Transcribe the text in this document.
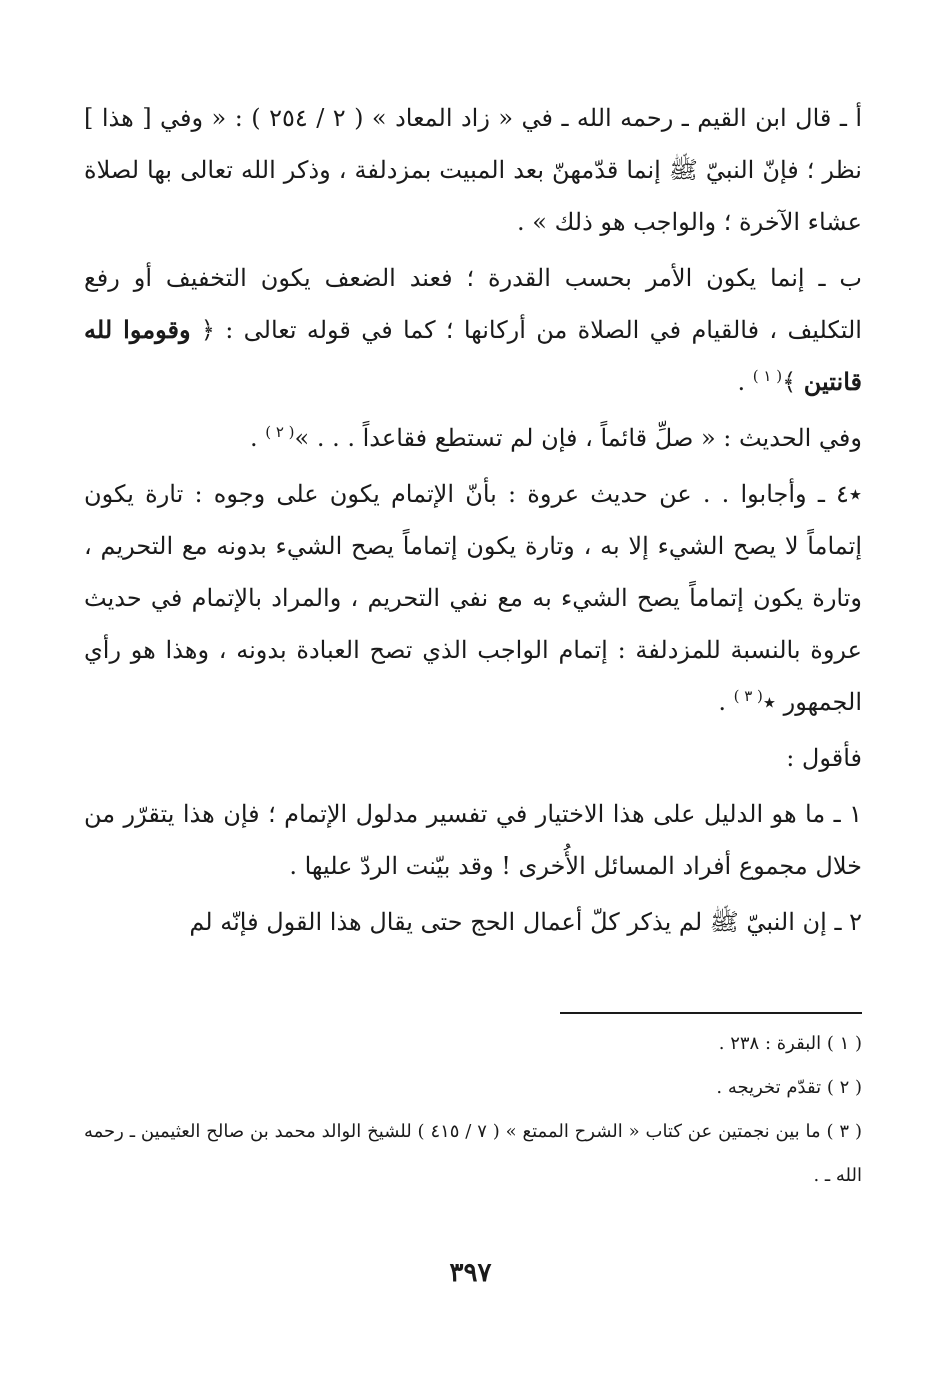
أ ـ قال ابن القيم ـ رحمه الله ـ في « زاد المعاد » ( ٢ / ٢٥٤ ) : « وفي [ هذا ] نظر ؛ فإنّ النبيّ ﷺ إنما قدّمهنّ بعد المبيت بمزدلفة ، وذكر الله تعالى بها لصلاة عشاء الآخرة ؛ والواجب هو ذلك » .

ب ـ إنما يكون الأمر بحسب القدرة ؛ فعند الضعف يكون التخفيف أو رفع التكليف ، فالقيام في الصلاة من أركانها ؛ كما في قوله تعالى : ﴿ وقوموا لله قانتين ﴾$^{( ١ )}$ .

وفي الحديث : « صلِّ قائماً ، فإن لم تستطع فقاعداً . . . »$^{( ٢ )}$ .

٭٤ ـ وأجابوا . . عن حديث عروة : بأنّ الإتمام يكون على وجوه : تارة يكون إتماماً لا يصح الشيء إلا به ، وتارة يكون إتماماً يصح الشيء بدونه مع التحريم ، وتارة يكون إتماماً يصح الشيء به مع نفي التحريم ، والمراد بالإتمام في حديث عروة بالنسبة للمزدلفة : إتمام الواجب الذي تصح العبادة بدونه ، وهذا هو رأي الجمهور ٭$^{( ٣ )}$ .

فأقول :

١ ـ ما هو الدليل على هذا الاختيار في تفسير مدلول الإتمام ؛ فإن هذا يتقرّر من خلال مجموع أفراد المسائل الأُخرى ! وقد بيّنت الردّ عليها .

٢ ـ إن النبيّ ﷺ لم يذكر كلّ أعمال الحج حتى يقال هذا القول فإنّه لم

( ١ ) البقرة : ٢٣٨ .

( ٢ ) تقدّم تخريجه .

( ٣ ) ما بين نجمتين عن كتاب « الشرح الممتع » ( ٧ / ٤١٥ ) للشيخ الوالد محمد بن صالح العثيمين ـ رحمه الله ـ .

٣٩٧
